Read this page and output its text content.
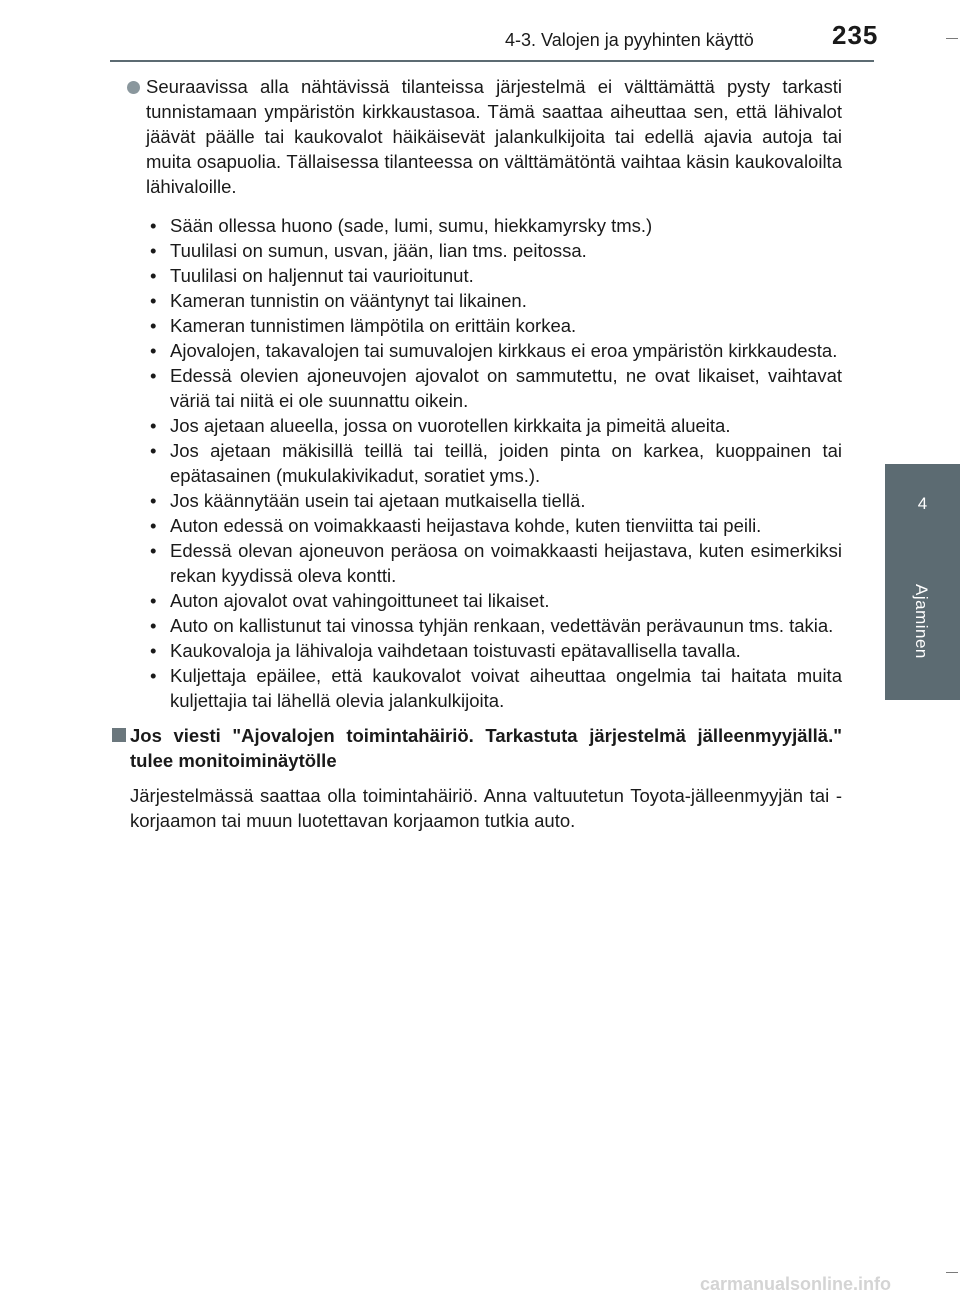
4-3. Valojen ja pyyhinten käyttö	235
4
Ajaminen
Seuraavissa alla nähtävissä tilanteissa järjestelmä ei välttämättä pysty tarkasti tunnistamaan ympäristön kirkkaustasoa. Tämä saattaa aiheuttaa sen, että lähivalot jäävät päälle tai kaukovalot häikäisevät jalankulkijoita tai edellä ajavia autoja tai muita osapuolia. Tällaisessa tilanteessa on välttämätöntä vaihtaa käsin kaukovaloilta lähivaloille.
• Sään ollessa huono (sade, lumi, sumu, hiekkamyrsky tms.)
• Tuulilasi on sumun, usvan, jään, lian tms. peitossa.
• Tuulilasi on haljennut tai vaurioitunut.
• Kameran tunnistin on vääntynyt tai likainen.
• Kameran tunnistimen lämpötila on erittäin korkea.
• Ajovalojen, takavalojen tai sumuvalojen kirkkaus ei eroa ympäristön kirkkaudesta.
• Edessä olevien ajoneuvojen ajovalot on sammutettu, ne ovat likaiset, vaihtavat väriä tai niitä ei ole suunnattu oikein.
• Jos ajetaan alueella, jossa on vuorotellen kirkkaita ja pimeitä alueita.
• Jos ajetaan mäkisillä teillä tai teillä, joiden pinta on karkea, kuoppainen tai epätasainen (mukulakivikadut, soratiet yms.).
• Jos käännytään usein tai ajetaan mutkaisella tiellä.
• Auton edessä on voimakkaasti heijastava kohde, kuten tienviitta tai peili.
• Edessä olevan ajoneuvon peräosa on voimakkaasti heijastava, kuten esimerkiksi rekan kyydissä oleva kontti.
• Auton ajovalot ovat vahingoittuneet tai likaiset.
• Auto on kallistunut tai vinossa tyhjän renkaan, vedettävän perävaunun tms. takia.
• Kaukovaloja ja lähivaloja vaihdetaan toistuvasti epätavallisella tavalla.
• Kuljettaja epäilee, että kaukovalot voivat aiheuttaa ongelmia tai haitata muita kuljettajia tai lähellä olevia jalankulkijoita.
Jos viesti "Ajovalojen toimintahäiriö. Tarkastuta järjestelmä jälleenmyyjällä." tulee monitoiminäytölle
Järjestelmässä saattaa olla toimintahäiriö. Anna valtuutetun Toyota-jälleenmyyjän tai -korjaamon tai muun luotettavan korjaamon tutkia auto.
carmanualsonline.info
